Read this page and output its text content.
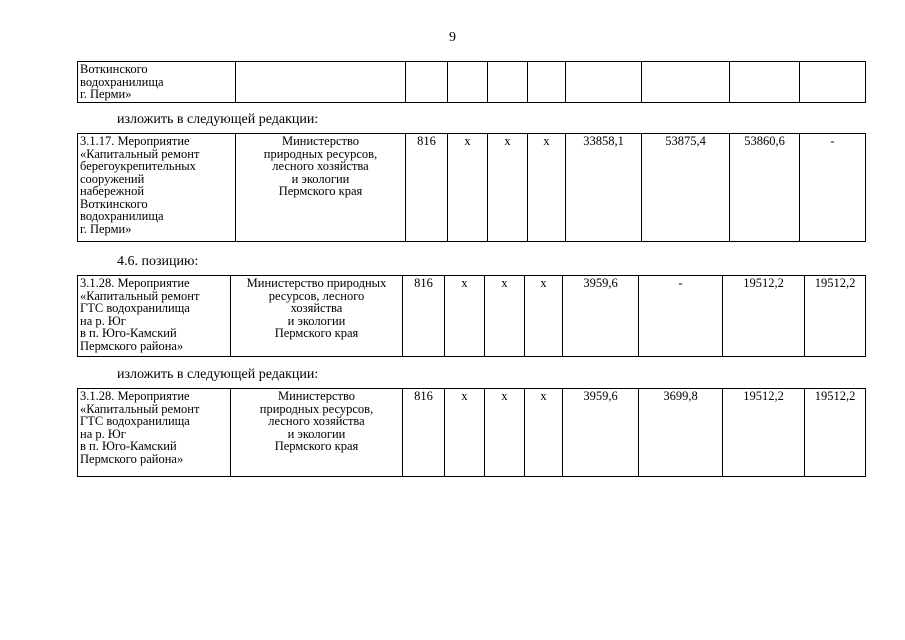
9
Воткинского
водохранилища
г. Перми»									
изложить в следующей редакции:
3.1.17. Мероприятие
«Капитальный ремонт
берегоукрепительных
сооружений
набережной
Воткинского
водохранилища
г. Перми»	Министерство
природных ресурсов,
лесного хозяйства
и экологии
Пермского края	816	x	x	x	33858,1	53875,4	53860,6	-
4.6. позицию:
3.1.28. Мероприятие
«Капитальный ремонт
ГТС водохранилища
на р. Юг
в п. Юго-Камский
Пермского района»	Министерство природных
ресурсов, лесного
хозяйства
и экологии
Пермского края	816	x	x	x	3959,6	-	19512,2	19512,2
изложить в следующей редакции:
3.1.28. Мероприятие
«Капитальный ремонт
ГТС водохранилища
на р. Юг
в п. Юго-Камский
Пермского района»	Министерство
природных ресурсов,
лесного хозяйства
и экологии
Пермского края	816	x	x	x	3959,6	3699,8	19512,2	19512,2
